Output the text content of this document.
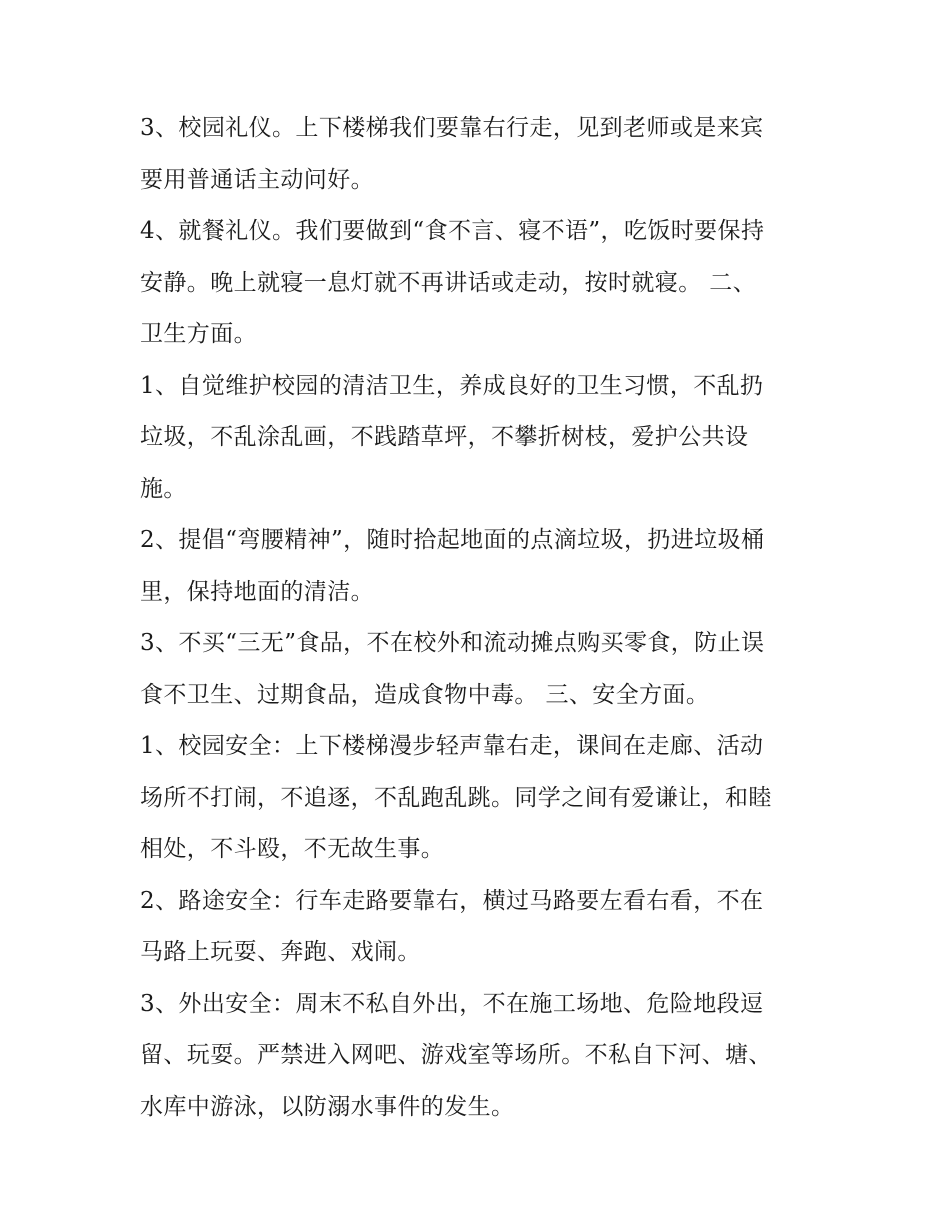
3、校园礼仪。上下楼梯我们要靠右行走，见到老师或是来宾
要用普通话主动问好。
4、就餐礼仪。我们要做到“食不言、寝不语”，吃饭时要保持
安静。晚上就寝一息灯就不再讲话或走动，按时就寝。 二、
卫生方面。
1、自觉维护校园的清洁卫生，养成良好的卫生习惯，不乱扔
垃圾，不乱涂乱画，不践踏草坪，不攀折树枝，爱护公共设
施。
2、提倡“弯腰精神”，随时拾起地面的点滴垃圾，扔进垃圾桶
里，保持地面的清洁。
3、不买“三无”食品，不在校外和流动摊点购买零食，防止误
食不卫生、过期食品，造成食物中毒。 三、安全方面。
1、校园安全：上下楼梯漫步轻声靠右走，课间在走廊、活动
场所不打闹，不追逐，不乱跑乱跳。同学之间有爱谦让，和睦
相处，不斗殴，不无故生事。
2、路途安全：行车走路要靠右，横过马路要左看右看，不在
马路上玩耍、奔跑、戏闹。
3、外出安全：周末不私自外出，不在施工场地、危险地段逗
留、玩耍。严禁进入网吧、游戏室等场所。不私自下河、塘、
水库中游泳，以防溺水事件的发生。
